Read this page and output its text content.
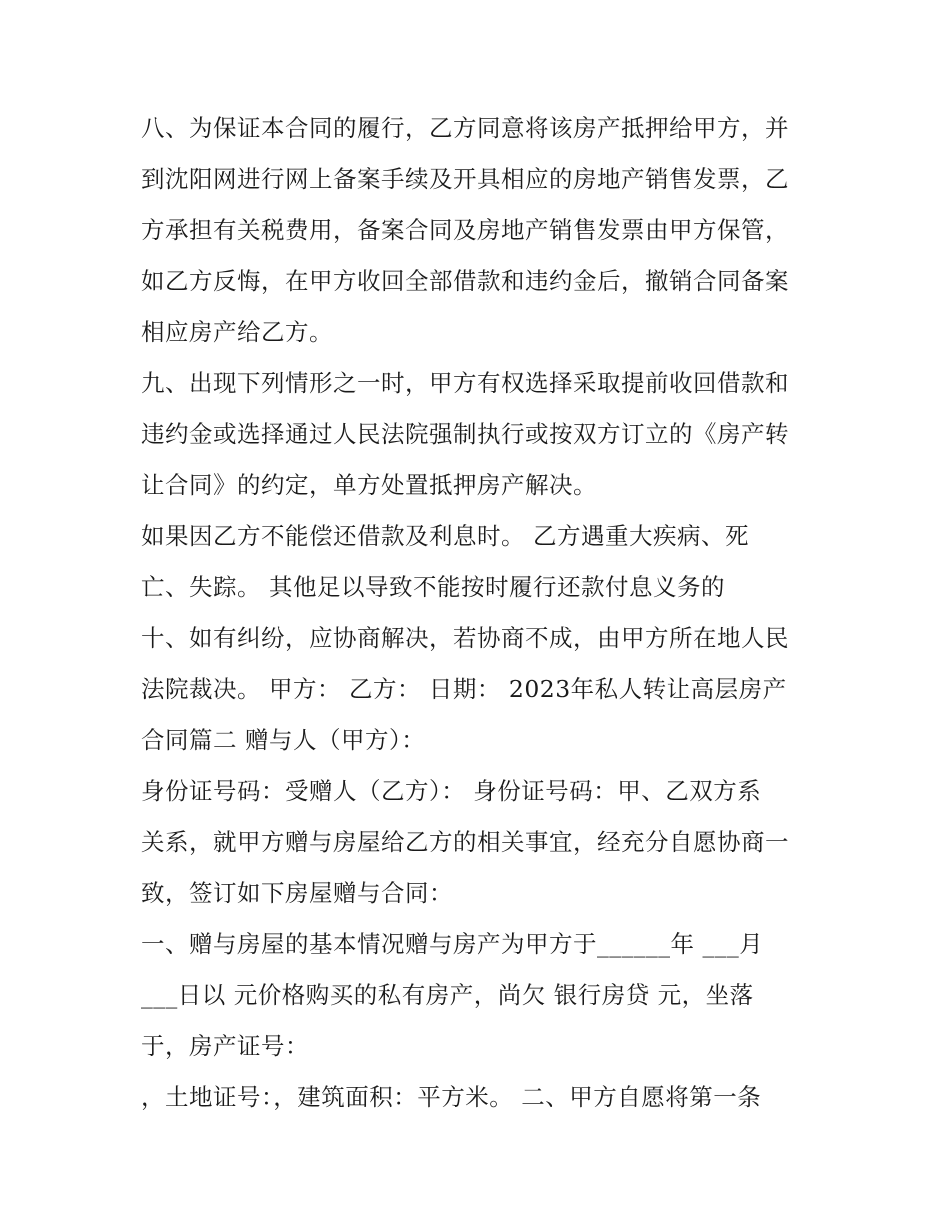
八、为保证本合同的履行，乙方同意将该房产抵押给甲方，并
到沈阳网进行网上备案手续及开具相应的房地产销售发票，乙
方承担有关税费用，备案合同及房地产销售发票由甲方保管，
如乙方反悔，在甲方收回全部借款和违约金后，撤销合同备案
相应房产给乙方。
九、出现下列情形之一时，甲方有权选择采取提前收回借款和
违约金或选择通过人民法院强制执行或按双方订立的《房产转
让合同》的约定，单方处置抵押房产解决。
如果因乙方不能偿还借款及利息时。 乙方遇重大疾病、死
亡、失踪。 其他足以导致不能按时履行还款付息义务的
十、如有纠纷，应协商解决，若协商不成，由甲方所在地人民
法院裁决。 甲方： 乙方： 日期： 2023年私人转让高层房产
合同篇二 赠与人（甲方）：
身份证号码：受赠人（乙方）： 身份证号码：甲、乙双方系
关系，就甲方赠与房屋给乙方的相关事宜，经充分自愿协商一
致，签订如下房屋赠与合同：
一、赠与房屋的基本情况赠与房产为甲方于______年 ___月
___日以 元价格购买的私有房产，尚欠 银行房贷 元，坐落
于，房产证号：
，土地证号：，建筑面积：平方米。 二、甲方自愿将第一条
